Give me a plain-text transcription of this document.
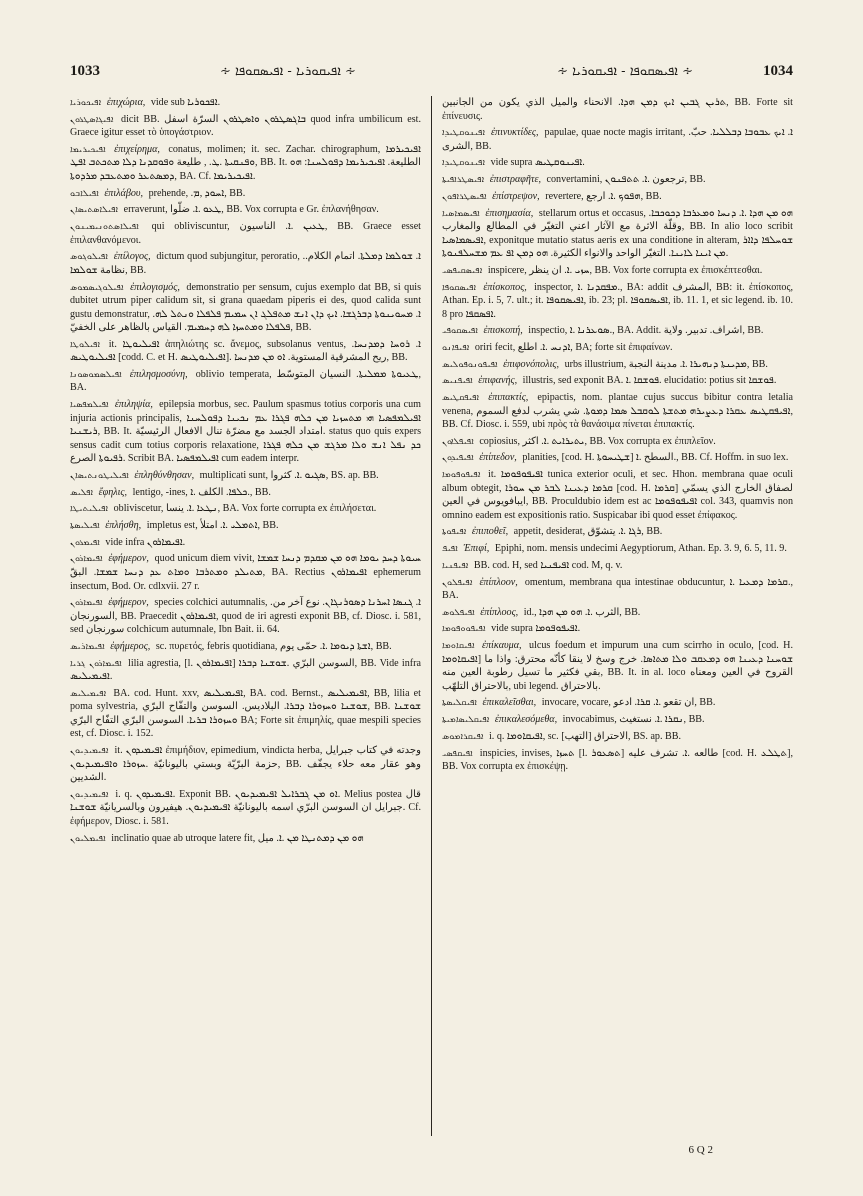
1033	∻ ܐܦܝܩܘܪܝܐ - ܐܦܝܣܩܘܦܐ ∻	∻ ܐܦܝܣܩܘܦܐ - ܐܦܝܩܘܪܝܐ ∻	1034

ܐܦܝܟܘܪܝܐ ἐπιχώρια, vide sub ܐܦܟܘܪܝܐ.

ܐܦܝܓܐܣܛܪܘܢ dicit BB. ܒܐܓܣܛܪܘܢ ܘܐܣܛܪܘܢ السرّة اسفل quod infra umbilicum est. Graece igitur esset τὸ ὑπογάστριον.

ܐܦܝܟܝܪܝܡܐ ἐπιχείρημα, conatus, molimen; it. sec. Zachar. chirographum, ܐܦܝܟܝܪܡܐ ܘܦܢܩܝܬܐ .ܛ. , طليعة ܘܦܘܩܕܢܐ ܕܠܐ ܡܬܟܬܒ ܐܦܛ, BB. It. الطليعة. ܐܦܝܟܝܪܝܡܐ ܕܦܘܠܚܢܐ: ܗܘ ܕܡܣܬܥܪ ܘܡܬܥܒܕ ܡܪܕܘܬܐ, BA. Cf. ܐܦܝܟܝܪܝܡܐ.

ܐܦܝܠܐܒܘ ἐπιλάβου, prehende, .ܐܚܘܕ ,ܡ, BB.

ܐܦܝܠܐܣܬܝܣܐܢ erraverunt, ܛܥܘ .ܐ. ضلّوا, BB. Vox corrupta e Gr. ἐπλανήθησαν.

ܐܦܝܠܐܣܬܘܢܝܡܝܢܘܢ qui obliviscuntur, ܛܥܝܢ .ܐ. الناسيون, BB. Graece esset ἐπιλανθανόμενοι.

ܐܦܝܠܘܓܘܣ ἐπίλογος, dictum quod subjungitur, peroratio, .ܐ. ܫܘܠܡܐ ܕܡܠܬܐ. اتمام الكلام. نظامة ܫܘܠܡܐ, BB.

ܐܦܝܠܘܓܝܣܡܘܣ ἐπιλογισμός, demonstratio per sensum, cujus exemplo dat BB, si quis dubitet utrum piper calidum sit, si grana quaedam piperis ei des, quod calida sunt gustu demonstratur, .ܐ. ܡܚܘܝܢܘܬܐ ܕܒܪܓܫܐ. ܐܝܟ ܕܐܢ ܐܢܫ ܡܬܦܠܓ ܐܢ ܚܡܝܡ ܦܠܦܠܐ ܘܢܬܠ ܠܗ ܦܠܦܠܐ ܘܡܬܚܙܐ ܠܗ ܕܚܡܝܡ. القياس بالظاهر على الخفيّ, BB.

ܐܦܝܠܘܛܐ it. ܐܦܝܠܝܘܛܐ ἀπηλιώτης sc. ἄνεμος, subsolanus ventus, .ܐ. ܪܘܚܐ ܕܡܕܢܚܐ ܐܦܝܠܝܘܛܝܣ [codd. C. et H. ܐܦܝܠܝܘܛܝܣ]. ريح المشرقية المستوية. ܐܘ ܡܢ ܡܕܢܚܐ, BB.

ܐܦܝܠܣܡܘܣܘܢܐ ἐπιλησμοσύνη, oblivio temperata, ܛܥܝܘܬܐ ܡܡܠܝܬܐ. النسيان المتوسّط, BA.

ܐܦܝܠܡܦܣܝܐ ἐπιληψία, epilepsia morbus, sec. Paulum spasmus totius corporis una cum injuria actionis principalis, ܐܦܝܠܡܦܣܝܐ ܗܝ ܡܬܚܙܝܐ ܡܢ ܟܠܗ ܦܓܪܐ ܥܡ ܢܟܝܢܐ ܕܦܘܠܚܢܐ ܪܝܫܢܝܐ, BB. It. امتداد الجسد مع مضرّة تنال الافعال الرئيسيّة. status quo quis expers sensus cadit cum totius corporis relaxatione, ܟܕ ܢܦܠ ܐܢܫ ܘܠܐ ܡܪܓܫ ܡܢ ܟܠܗ ܦܓܪܐ ܪܦܝܘܬܐ الصرع. Scribit BA. ܐܦܝܠܡܦܣܝܐ cum eadem interpr.

ܐܦܝܠܝܛܘܢܬܝܣܐܢ ἐπληθύνθησαν, multiplicati sunt, ܣܓܝܘ .ܐ. كثروا, BS. ap. BB.

ܐܦܠܝܣ ἔφηλις, lentigo, -ines, ܟܠܦܐ. الكلف .ܐ., BB.

ܐܦܝܠܝܬܝܛܐ obliviscetur, ܢܛܥܐ .ܐ. ينسا, BA. Vox forte corrupta ex ἐπιλήσεται.

ܐܦܝܠܝܣܬܐ ἐπλήσθη, impletus est, ܐܬܡܠܝ .ܐ. امتلأ, BB.

ܐܦܝܡܪܘܢ vide infra ܐܦܝܡܐܪܘܢ.

ܐܦܝܡܐܪܘܢ ἐφήμερον, quod unicum diem vivit, ܚܝܘܬܐ ܕܚܕ ܝܘܡܐ ܗܘ ܡܢ ܡܩܕܡ ܕܢܚܐ ܫܡܫܐ ܡܬܝܠܕ ܘܡܬܪܒܐ ܘܡܐܬ ܥܕ ܕܢܚܐ ܫܡܫܐ. البقّ, BA. Rectius ܐܦܝܡܐܪܘܢ ephemerum insectum, Bod. Or. cdlxvii. 27 r.

ܐܦܝܡܐܪܘܢ ἐφήμερον, species colchici autumnalis, .ܐ. ܓܢܣܐ ܐܚܪܢܐ ܕܣܘܪܢܓܐܢ. نوع آخر من السورنجان, BB. Praecedit ܐܦܝܡܐܪܘܢ, quod de iri agresti exponit BB, cf. Diosc. i. 581, sed سورنجان colchicum autumnale, Ibn Bait. ii. 64.

ܐܦܝܡܐܪܝܣ ἐφήμερος, sc. πυρετός, febris quotidiana, ܐܫܬܐ ܕܝܘܡܐ .ܐ. حمّى يوم, BB.

ܐܦܝܡܐܪܘܢ ܓܪܝܐ lilia agrestia, [l. ܐܦܝܡܐܪܘܢ] السوسن البرّي .ܫܘܫܢܐ ܕܒܪܐ, BB. Vide infra ܐܦܝܡܝܠܝܣ.

ܐܦܝܡܝܠܝܣ BA. cod. Hunt. xxv, ܐܦܝܡܝܠܝܣ, BA. cod. Bernst., ܐܦܝܡܝܠܝܣ, BB, lilia et poma sylvestria, ܫܘܫܢܐ ܘܚܙܘܪܐ ܕܒܪܐ. البلاديس. السوسن والتفّاح البرّي, BB. ܫܘܫܢܐ ܘܚܙܘܪܐ ܒܪܝܐ. السوسن البرّي التفّاح البرّي BA; Forte sit ἐπιμηλίς, quae mespili species est, cf. Diosc. i. 152.

ܐܦܝܡܝܕܝܘܢ it. ܐܦܝܡܝܕܘܢ ἐπιμήδιον, epimedium, vindicta herba, وجدته في كتاب جبرايل حزمة البرّيّة وبستي باليونانيّة .ܚܙܘܪܐ ܘܐܦܝܡܝܕܝܘܢ, BB. وهو عقار معه حلاء يجفّف الشديين.

ܐܦܝܡܝܕܝܘܢ i. q. ܐܦܝܡܝܕܘܢ. Exponit BB. ܐܘ ܡܢ ܓܒܪܐܝܠ ܐܦܝܡܝܕܝܘܢ. Melius postea قال جبرايل ان السوسن البرّي اسمه باليونانيّة ܐܦܝܡܝܕܝܘܢ. هيفيرون وبالسريانيّة ܫܘܫܢܐ. Cf. ἐφήμερον, Diosc. i. 581.

ܐܦܝܡܠܝܘܢ inclinatio quae ab utroque latere fit, ܗܘ ܡܢ ܕܡܬܢܛܐ ܡܢ .ܐ. ميل

ܬܪܝܢ ܓܒܝܢ ܐܝܟ ܕܡܢ ܗܕܐ. الانحناء والميل الذي يكون من الجانبين, BB. Forte sit ἐπίνευσις.

ܐܦܝܢܘܩܛܝܕܐ ἐπινυκτίδες, papulae, quae nocte magis irritant, .ܐ. ܐܝܟ ܥܒܘܒܐ ܕܒܠܠܝܐ. حبّ الشرى, BB.

ܐܦܝܢܘܩܛܝܕܐ vide supra ܐܦܝܢܘܩܛܝܣ.

ܐܦܝܣܛܪܐܦܝܬܐ ἐπιστραφῆτε, convertamini, ترجعون .ܐ. ܬܬܦܢܘܢ, BB.

ܐܦܝܣܛܪܐܦܘܢ ἐπίστρεψον, revertere, ܗܦܘܟ .ܐ. ارجع, BB.

ܐܦܝܣܡܐܣܝܐ ἐπισημασία, stellarum ortus et occasus, ܗܘ ܡܢ ܗܕܐ .ܐ. ܕܢܚܐ ܘܡܥܪܒܐ ܕܟܘܟܒܐ. وقلّة الاثرة مع الآثار اعني التغيّر في المطالع والمغارب, BB. In alio loco scribit ܐܦܝܣܡܐܣܝܐ, exponitque mutatio status aeris ex una conditione in alteram, ܫܘܚܠܦܐ ܕܐܐܪ ܡܢ ܐܝܢܐ ܠܐܝܢܐ. التغيّر الواحد والانواء الكثيرة. ܗܘ ܕܡܢ ܐܦ ܥܡ ܡܫܚܠܦܢܘܬܐ.

ܐܦܝܣܩܝܦܣܝ inspicere, ܚܙܝ .ܐ. ان ينظر, BB. Vox forte corrupta ex ἐπισκέπτεσθαι.

ܐܦܝܣܩܘܦܐ ἐπίσκοπος, inspector, ܡܦܩܕܢܐ .ܐ., BA: addit المشرف, BB: it. ἐπίσκοπος, Athan. Ep. i. 5, 7. ult.; it. ܐܦܝܣܩܘܦܐ, ib. 23; pl. ܐܦܝܣܩܘܦܐ, ib. 11. 1, et sic legend. ib. 10. 8 pro ܐܦܣܩܦܐ.

ܐܦܝܣܩܘܦܝ ἐπισκοπή, inspectio, ܣܘܥܪܢܐ .ܐ., BA. Addit. اشراف. تدبير. ولاية, BB.

ܐܦܝܦܐܢܘ oriri fecit, ܐܕܢܚ .ܐ. اطلع, BA; forte sit ἐπιφαίνων.

ܐܦܝܦܘܢܘܦܘܠܝܣ ἐπιφονόπολις, urbs illustrium, ܡܕܝܢܬܐ ܕܢܗܝܪܐ .ܐ. مدينة النجبة, BB.

ܐܦܝܦܢܝܣ ἐπιφανής, illustris, sed exponit BA. ܦܘܫܩܐ .ܐ. elucidatio: potius sit ܦܘܫܩܐ.

ܐܦܝܦܩܛܝܣ ἐπιπακτίς, epipactis, nom. plantae cujus succus bibitur contra letalia venena, ܐܦܝܦܩܛܝܣ ܥܩܪܐ ܕܥܨܝܪܗ ܡܬܫܬܐ ܠܘܩܒܠ ܣܡܐ ܕܡܘܬܐ. شي يشرب لدفع السموم, BB. Cf. Diosc. i. 559, ubi πρὸς τὰ θανάσιμα πίνεται ἐπιπακτίς.

ܐܦܝܦܠܐܘܢ copiosius, ܝܬܝܪܐܝܬ .ܐ. اكثر, BB. Vox corrupta ex ἐπιπλεῖον.

ܐܦܝܦܝܕܘܢ ἐπίπεδον, planities, [cod. H. ܫܛܝܚܘܬܐ] السطح .ܐ., BB. Cf. Hoffm. in suo lex.

ܐܦܝܦܘܦܘܡܐ it. ܐܦܝܦܘܦܘܡܐ tunica exterior oculi, et sec. Hhon. membrana quae oculi album obtegit, ܩܪܡܐ ܕܥܝܢܐ ܠܒܪ ܡܢ ܚܘܪܐ [cod. H. ܩܪܡܐ] لصفاق الخارج الذي يسمّي ايبافويوس في العين, BB. Proculdubio idem est ac ܐܦܝܦܘܦܘܡܐ col. 343, quamvis non omnino eadem est expositionis ratio. Suspicabar ibi quod esset ἐπίφακος.

ܐܦܝܦܘܬܐ ἐπιποθεῖ, appetit, desiderat, ܪܓܐ .ܐ. يتشوّق, BB.

ܐܦܝܦ Ἐπιφί, Epiphi, nom. mensis undecimi Aegyptiorum, Athan. Ep. 3. 9, 6. 5, 11. 9.

ܐܦܝܦܢܝܐ BB. cod. H, sed ܐܦܝܦܢܝܐ cod. M, q. v.

ܐܦܝܦܠܘܢ ἐπίπλοον, omentum, membrana qua intestinae obducuntur, ܩܪܡܐ ܕܡܥܝܐ .ܐ., BA.

ܐܦܝܦܠܘܣ ἐπίπλοος, id., الثرب .ܐ. ܗܘ ܡܢ ܗܕܐ, BB.

ܐܦܝܦܘܘܦܘܡܐ vide supra ܐܦܝܦܘܦܘܡܐ.

ܐܦܝܩܐܘܡܐ ἐπίκαυμα, ulcus foedum et impurum una cum scirrho in oculo, [cod. H. ܐܦܝܩܐܘܡܐ] ܫܘܚܢܐ ܕܥܝܢܐ ܗܘ ܕܡܥܩܒ ܘܠܐ ܡܬܐܣܐ. خرج وسخ لا ينقا كأنّه محترق: واذا ما بقي فكثير ما تسيل رطوبة العين منه, BB. It. in al. loco القروح في العين ومعناه بالاحتراق التلهّب, ubi legend. بالاحتراق.

ܐܦܝܩܠܝܣܬܐ ἐπικαλεῖσθαι, invocare, vocare, ان تقعو .ܐ. ܩܪܐ. ادعو, BB.

ܐܦܝܩܠܝܣܐܡܝܬܐ ἐπικαλεσόμεθα, invocabimus, ܢܩܪܐ .ܐ. نستغيث, BB.

ܐܦܝܩܪܐܡܘܣ i. q. ܐܦܝܩܐܘܡܐ, sc. [التهب] الاحتراق, BS. ap. BB.

ܐܦܝܩܦܣܝ inspicies, invises, ܬܚܙܐ [l. ܬܣܥܘܪ] طالعه .ܐ. تشرف عليه [cod. H. ܬܛܠܥ], BB. Vox corrupta ex ἐπισκέψῃ.

6 Q 2
